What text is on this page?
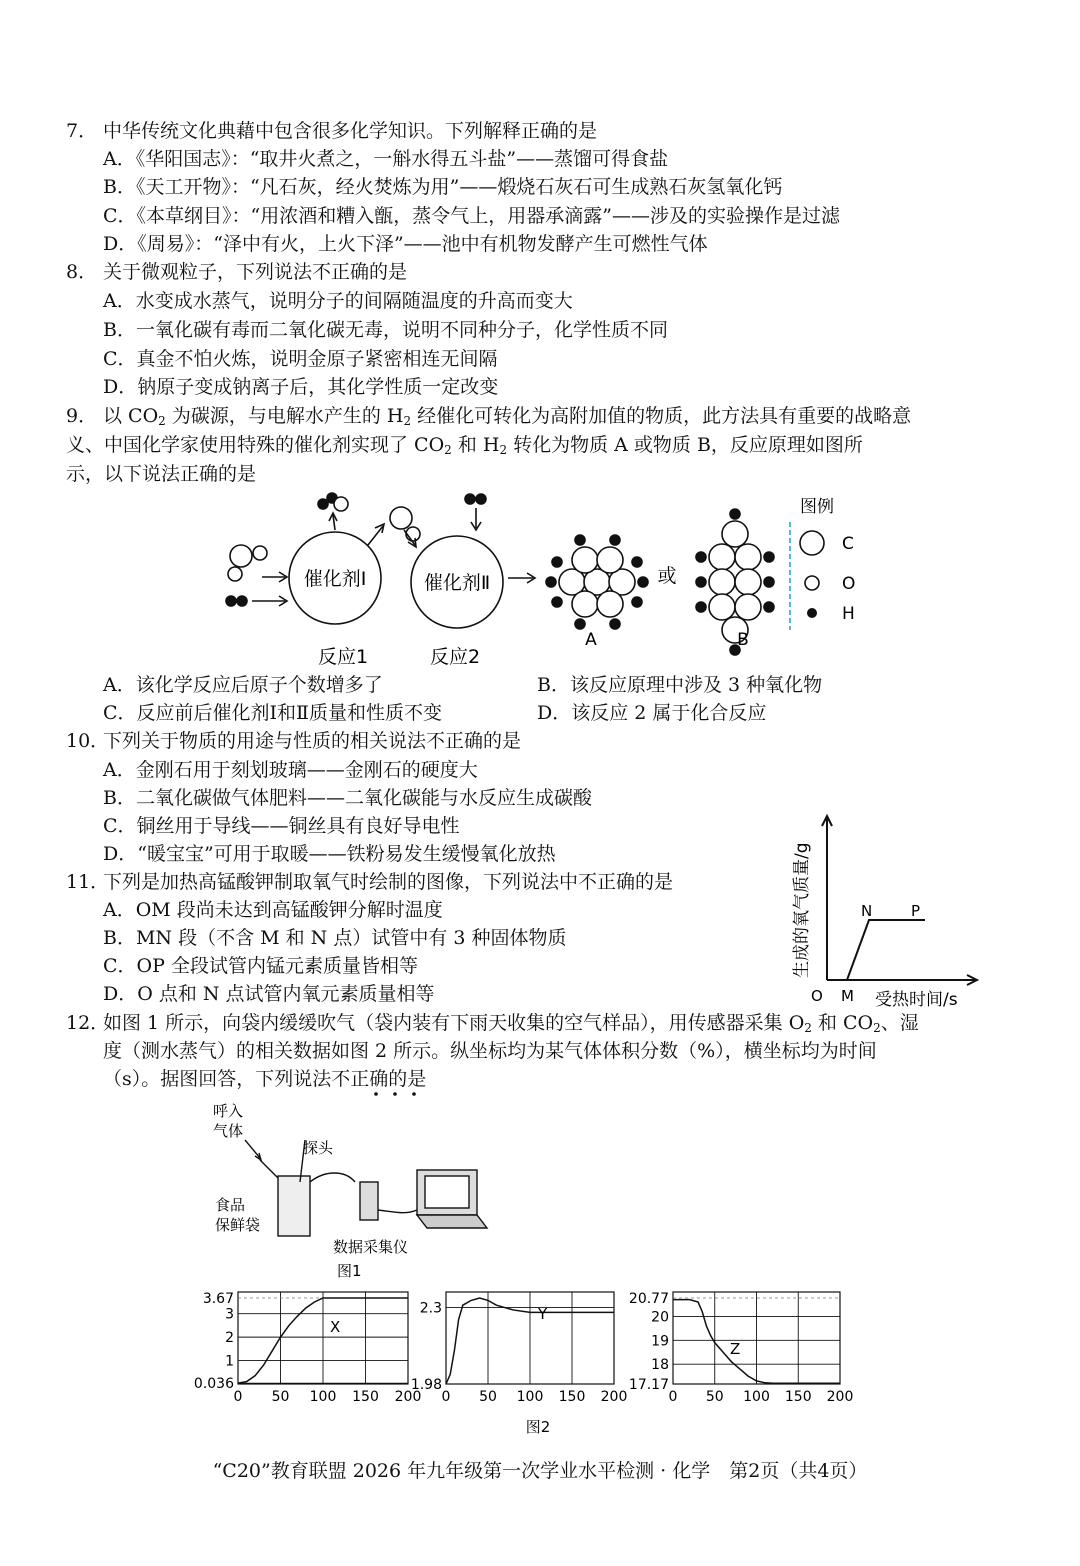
7． 中华传统文化典藉中包含很多化学知识。下列解释正确的是
A．《华阳国志》：“取井火煮之，一斛水得五斗盐”——蒸馏可得食盐
B．《天工开物》：“凡石灰，经火焚炼为用”——煅烧石灰石可生成熟石灰氢氧化钙
C．《本草纲目》：“用浓酒和糟入甑，蒸令气上，用器承滴露”——涉及的实验操作是过滤
D．《周易》：“泽中有火，上火下泽”——池中有机物发酵产生可燃性气体
8． 关于微观粒子，下列说法不正确的是
A．水变成水蒸气，说明分子的间隔随温度的升高而变大
B．一氧化碳有毒而二氧化碳无毒，说明不同种分子，化学性质不同
C．真金不怕火炼，说明金原子紧密相连无间隔
D．钠原子变成钠离子后，其化学性质一定改变
9． 以 $CO_2$ 为碳源，与电解水产生的 $H_2$ 经催化可转化为高附加值的物质，此方法具有重要的战略意
义、中国化学家使用特殊的催化剂实现了 $CO_2$ 和 $H_2$ 转化为物质 A 或物质 B，反应原理如图所
示，以下说法正确的是
催化剂Ⅰ	催化剂Ⅱ
反应1	反应2
A
或
B
图例
C
O
H
A．该化学反应后原子个数增多了	B．该反应原理中涉及 3 种氧化物
C．反应前后催化剂Ⅰ和Ⅱ质量和性质不变	D．该反应 2 属于化合反应
10．
下列关于物质的用途与性质的相关说法不正确的是
A．金刚石用于刻划玻璃——金刚石的硬度大
B．二氧化碳做气体肥料——二氧化碳能与水反应生成碳酸
C．铜丝用于导线——铜丝具有良好导电性
D．“暖宝宝”可用于取暖——铁粉易发生缓慢氧化放热
11．
下列是加热高锰酸钾制取氧气时绘制的图像，下列说法中不正确的是
A．OM 段尚未达到高锰酸钾分解时温度
B．MN 段（不含 M 和 N 点）试管中有 3 种固体物质
C．OP 全段试管内锰元素质量皆相等
D．O 点和 N 点试管内氧元素质量相等
生成的氧气质量/g
O M
N	P
受热时间/s
12．
如图 1 所示，向袋内缓缓吹气（袋内装有下雨天收集的空气样品），用传感器采集 $O_2$ 和 $CO_2$、湿
度（测水蒸气）的相关数据如图 2 所示。纵坐标均为某气体体积分数（%），横坐标均为时间
（s）。据图回答，下列说法不正确的是
呼入
气体
探头
食品
保鲜袋
数据采集仪
图1
0 50 100 150 200
0.036
1
2
3
3.67
X
0 50 100 150 200
1.98
2.3	Y
0 50 100 150 200
17.17
18
19
20
20.77
Z
图2
“C20”教育联盟 2026 年九年级第一次学业水平检测 · 化学　第2页（共4页）
